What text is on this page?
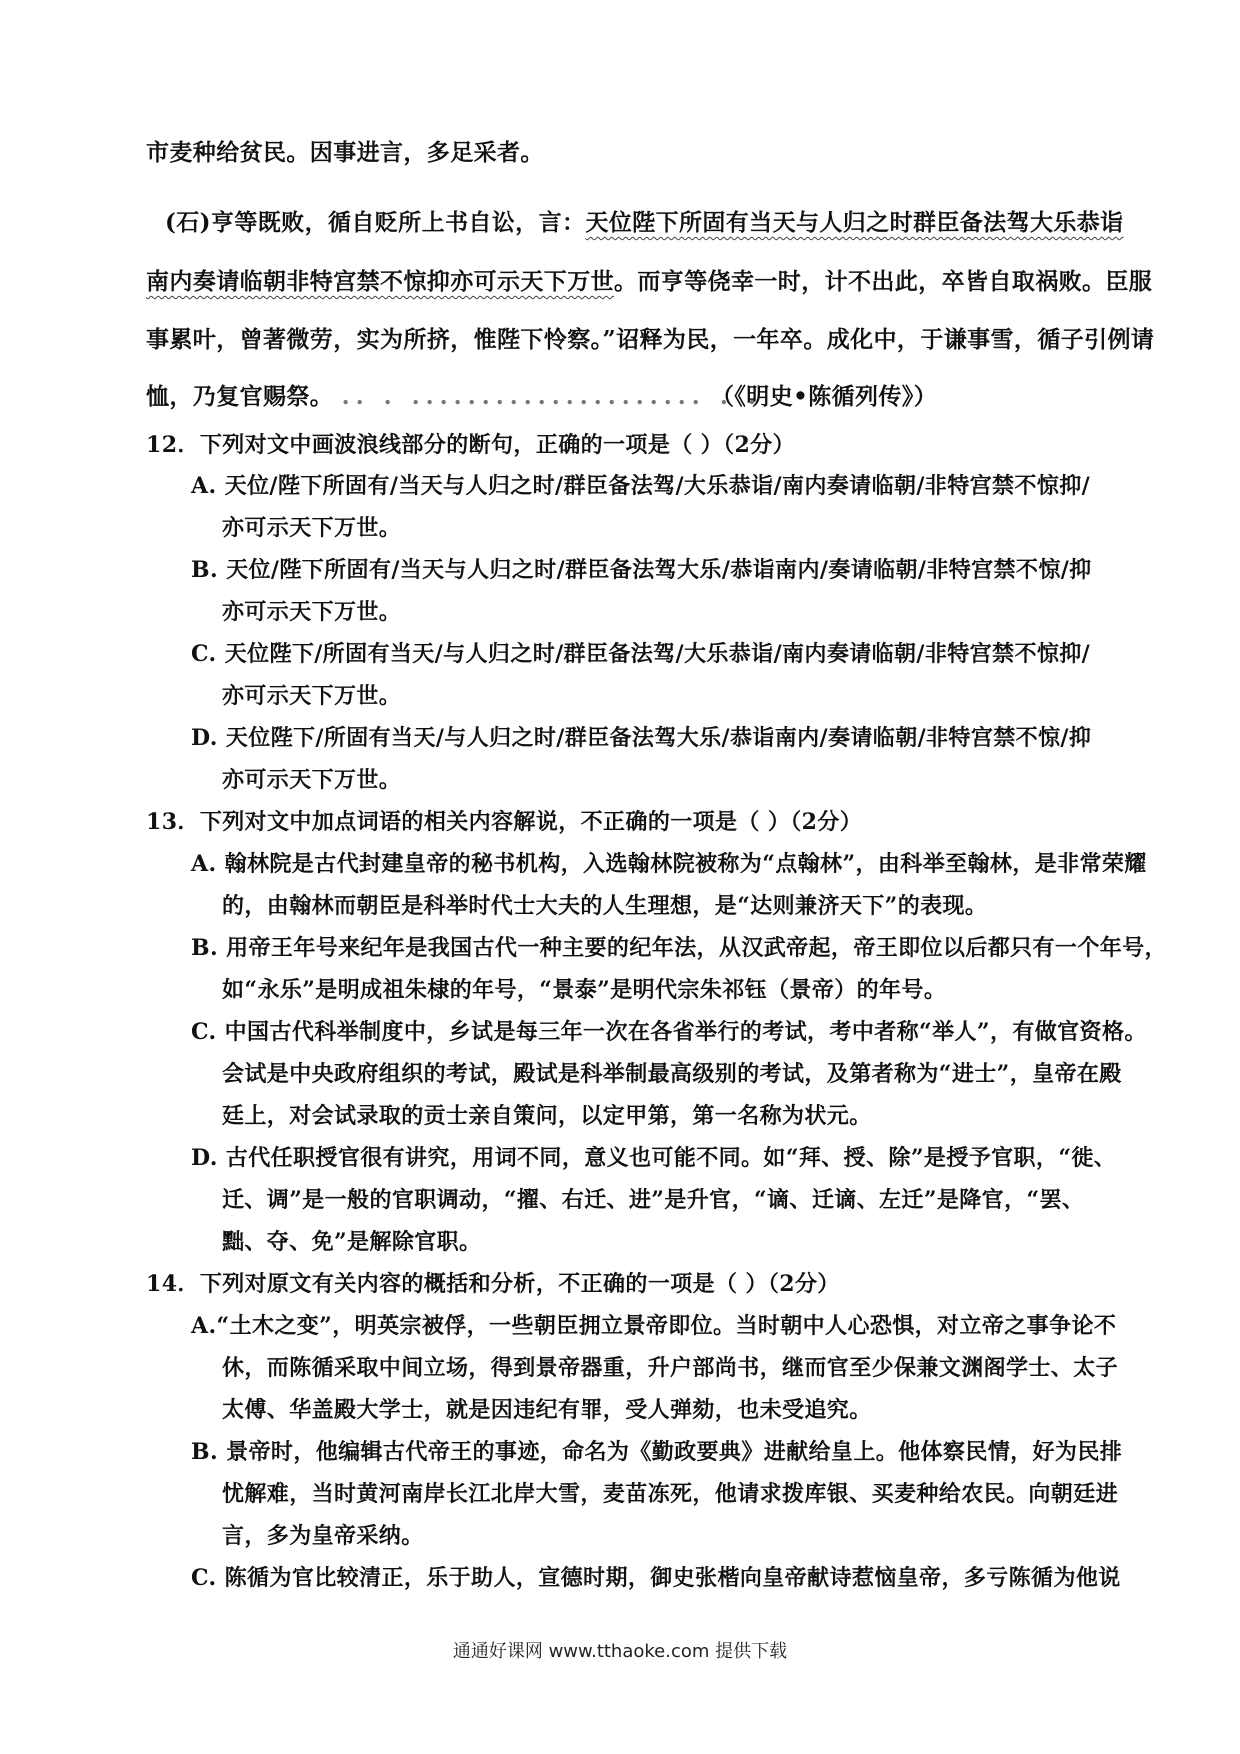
市麦种给贫民。因事进言，多足采者。
(石)亨等既败，循自贬所上书自讼，言：天位陛下所固有当天与人归之时群臣备法驾大乐恭诣
南内奏请临朝非特宫禁不惊抑亦可示天下万世。而亨等侥幸一时，计不出此，卒皆自取祸败。臣服
事累叶，曾著微劳，实为所挤，惟陛下怜察。”诏释为民，一年卒。成化中，于谦事雪，循子引例请
恤，乃复官赐祭。 .. . ..................... . .
（《明史•陈循列传》）
12．下列对文中画波浪线部分的断句，正确的一项是（ ）（2分）
A. 天位/陛下所固有/当天与人归之时/群臣备法驾/大乐恭诣/南内奏请临朝/非特宫禁不惊抑/
亦可示天下万世。
B. 天位/陛下所固有/当天与人归之时/群臣备法驾大乐/恭诣南内/奏请临朝/非特宫禁不惊/抑
亦可示天下万世。
C. 天位陛下/所固有当天/与人归之时/群臣备法驾/大乐恭诣/南内奏请临朝/非特宫禁不惊抑/
亦可示天下万世。
D. 天位陛下/所固有当天/与人归之时/群臣备法驾大乐/恭诣南内/奏请临朝/非特宫禁不惊/抑
亦可示天下万世。
13．下列对文中加点词语的相关内容解说，不正确的一项是（ ）（2分）
A. 翰林院是古代封建皇帝的秘书机构，入选翰林院被称为“点翰林”，由科举至翰林，是非常荣耀
的，由翰林而朝臣是科举时代士大夫的人生理想，是“达则兼济天下”的表现。
B. 用帝王年号来纪年是我国古代一种主要的纪年法，从汉武帝起，帝王即位以后都只有一个年号，
如“永乐”是明成祖朱棣的年号，“景泰”是明代宗朱祁钰（景帝）的年号。
C. 中国古代科举制度中，乡试是每三年一次在各省举行的考试，考中者称“举人”，有做官资格。
会试是中央政府组织的考试，殿试是科举制最高级别的考试，及第者称为“进士”，皇帝在殿
廷上，对会试录取的贡士亲自策问，以定甲第，第一名称为状元。
D. 古代任职授官很有讲究，用词不同，意义也可能不同。如“拜、授、除”是授予官职，“徙、
迁、调”是一般的官职调动，“擢、右迁、进”是升官，“谪、迁谪、左迁”是降官，“罢、
黜、夺、免”是解除官职。
14．下列对原文有关内容的概括和分析，不正确的一项是（ ）（2分）
A.“土木之变”，明英宗被俘，一些朝臣拥立景帝即位。当时朝中人心恐惧，对立帝之事争论不
休，而陈循采取中间立场，得到景帝器重，升户部尚书，继而官至少保兼文渊阁学士、太子
太傅、华盖殿大学士，就是因违纪有罪，受人弹劾，也未受追究。
B. 景帝时，他编辑古代帝王的事迹，命名为《勤政要典》进献给皇上。他体察民情，好为民排
忧解难，当时黄河南岸长江北岸大雪，麦苗冻死，他请求拨库银、买麦种给农民。向朝廷进
言，多为皇帝采纳。
C. 陈循为官比较清正，乐于助人，宣德时期，御史张楷向皇帝献诗惹恼皇帝，多亏陈循为他说
通通好课网 www.tthaoke.com 提供下载
